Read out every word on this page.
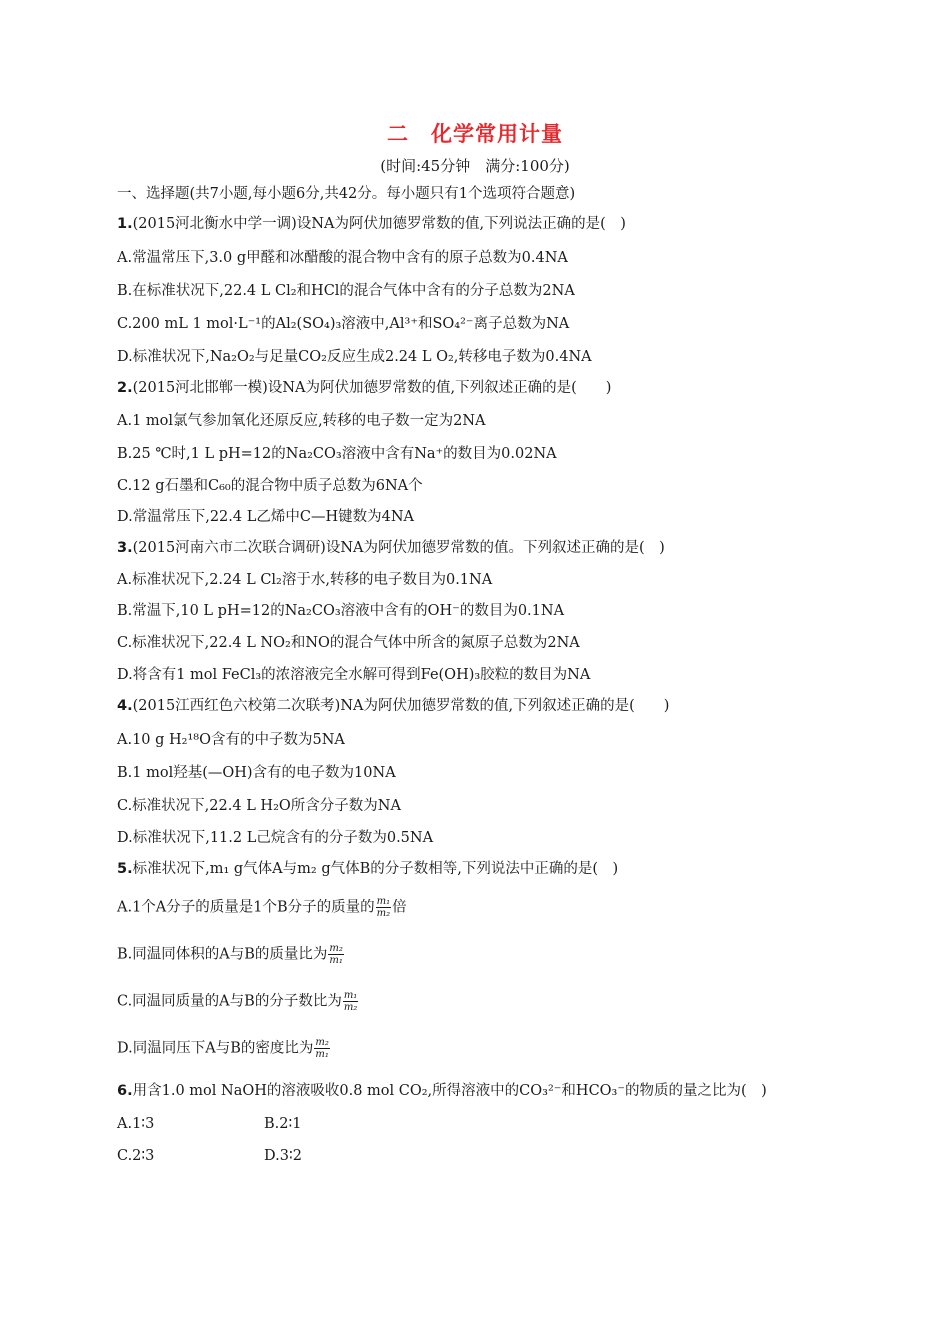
二　化学常用计量
(时间:45分钟　满分:100分)
一、选择题(共7小题,每小题6分,共42分。每小题只有1个选项符合题意)
1.(2015河北衡水中学一调)设NA为阿伏加德罗常数的值,下列说法正确的是(　)
A.常温常压下,3.0 g甲醛和冰醋酸的混合物中含有的原子总数为0.4NA
B.在标准状况下,22.4 L Cl₂和HCl的混合气体中含有的分子总数为2NA
C.200 mL 1 mol·L⁻¹的Al₂(SO₄)₃溶液中,Al³⁺和SO₄²⁻离子总数为NA
D.标准状况下,Na₂O₂与足量CO₂反应生成2.24 L O₂,转移电子数为0.4NA
2.(2015河北邯郸一模)设NA为阿伏加德罗常数的值,下列叙述正确的是(　　)
A.1 mol氯气参加氧化还原反应,转移的电子数一定为2NA
B.25 ℃时,1 L pH=12的Na₂CO₃溶液中含有Na⁺的数目为0.02NA
C.12 g石墨和C₆₀的混合物中质子总数为6NA个
D.常温常压下,22.4 L乙烯中C—H键数为4NA
3.(2015河南六市二次联合调研)设NA为阿伏加德罗常数的值。下列叙述正确的是(　)
A.标准状况下,2.24 L Cl₂溶于水,转移的电子数目为0.1NA
B.常温下,10 L pH=12的Na₂CO₃溶液中含有的OH⁻的数目为0.1NA
C.标准状况下,22.4 L NO₂和NO的混合气体中所含的氮原子总数为2NA
D.将含有1 mol FeCl₃的浓溶液完全水解可得到Fe(OH)₃胶粒的数目为NA
4.(2015江西红色六校第二次联考)NA为阿伏加德罗常数的值,下列叙述正确的是(　　)
A.10 g H₂¹⁸O含有的中子数为5NA
B.1 mol羟基(—OH)含有的电子数为10NA
C.标准状况下,22.4 L H₂O所含分子数为NA
D.标准状况下,11.2 L己烷含有的分子数为0.5NA
5.标准状况下,m₁ g气体A与m₂ g气体B的分子数相等,下列说法中正确的是(　)
A.1个A分子的质量是1个B分子的质量的 $\frac{\text{m₁}}{\text{m₂}}$ 倍
B.同温同体积的A与B的质量比为 $\frac{\text{m₂}}{\text{m₁}}$
C.同温同质量的A与B的分子数比为 $\frac{\text{m₁}}{\text{m₂}}$
D.同温同压下A与B的密度比为 $\frac{\text{m₂}}{\text{m₁}}$
6.用含1.0 mol NaOH的溶液吸收0.8 mol CO₂,所得溶液中的CO₃²⁻和HCO₃⁻的物质的量之比为(　)
A.1∶3	B.2∶1
C.2∶3	D.3∶2
